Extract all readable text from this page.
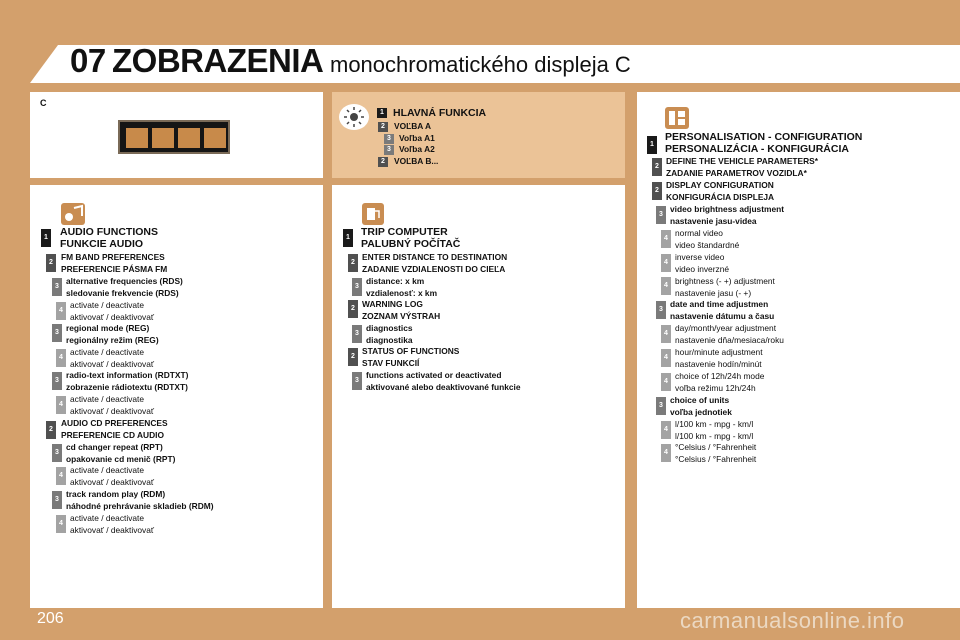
07 ZOBRAZENIA monochromatického displeja C
C
1 HLAVNÁ FUNKCIA
2	VOĽBA A
3 Voľba A1
3 Voľba A2
2	VOĽBA B...
1 AUDIO FUNCTIONS
FUNKCIE AUDIO
2
FM BAND PREFERENCES
PREFERENCIE PÁSMA FM
3
alternative frequencies (RDS)
sledovanie frekvencie (RDS)
4
activate / deactivate
aktivovať / deaktivovať
3 regional mode (REG)
regionálny režim (REG)
4
activate / deactivate
aktivovať / deaktivovať
3
radio-text information (RDTXT)
zobrazenie rádiotextu (RDTXT)
4
activate / deactivate
aktivovať / deaktivovať
2
AUDIO CD PREFERENCES
PREFERENCIE CD AUDIO
3
cd changer repeat (RPT)
opakovanie cd menič (RPT)
4
activate / deactivate
aktivovať / deaktivovať
3
track random play (RDM)
náhodné prehrávanie skladieb (RDM)
4
activate / deactivate
aktivovať / deaktivovať
1 TRIP COMPUTER
PALUBNÝ POČÍTAČ
2
ENTER DISTANCE TO DESTINATION
ZADANIE VZDIALENOSTI DO CIEĽA
3
distance: x km
vzdialenosť: x km
2 WARNING LOG
ZOZNAM VÝSTRAH
3
diagnostics
diagnostika
2
STATUS OF FUNCTIONS
STAV FUNKCIÍ
3
functions activated or deactivated
aktivované alebo deaktivované funkcie
1
PERSONALISATION - CONFIGURATION
PERSONALIZÁCIA - KONFIGURÁCIA
2
DEFINE THE VEHICLE PARAMETERS*
ZADANIE PARAMETROV VOZIDLA*
2
DISPLAY CONFIGURATION
KONFIGURÁCIA DISPLEJA
3
video brightness adjustment
nastavenie jasu-videa
4
normal video
video štandardné
4
inverse video
video inverzné
4 brightness (- +) adjustment
nastavenie jasu (- +)
3
date and time adjustmen
nastavenie dátumu a času
4
day/month/year adjustment
nastavenie dňa/mesiaca/roku
4
hour/minute adjustment
nastavenie hodín/minút
4
choice of 12h/24h mode
voľba režimu 12h/24h
3
choice of units
voľba jednotiek
4
l/100 km - mpg - km/l
l/100 km - mpg - km/l
4
°Celsius / °Fahrenheit
°Celsius / °Fahrenheit
206	carmanualsonline.info
